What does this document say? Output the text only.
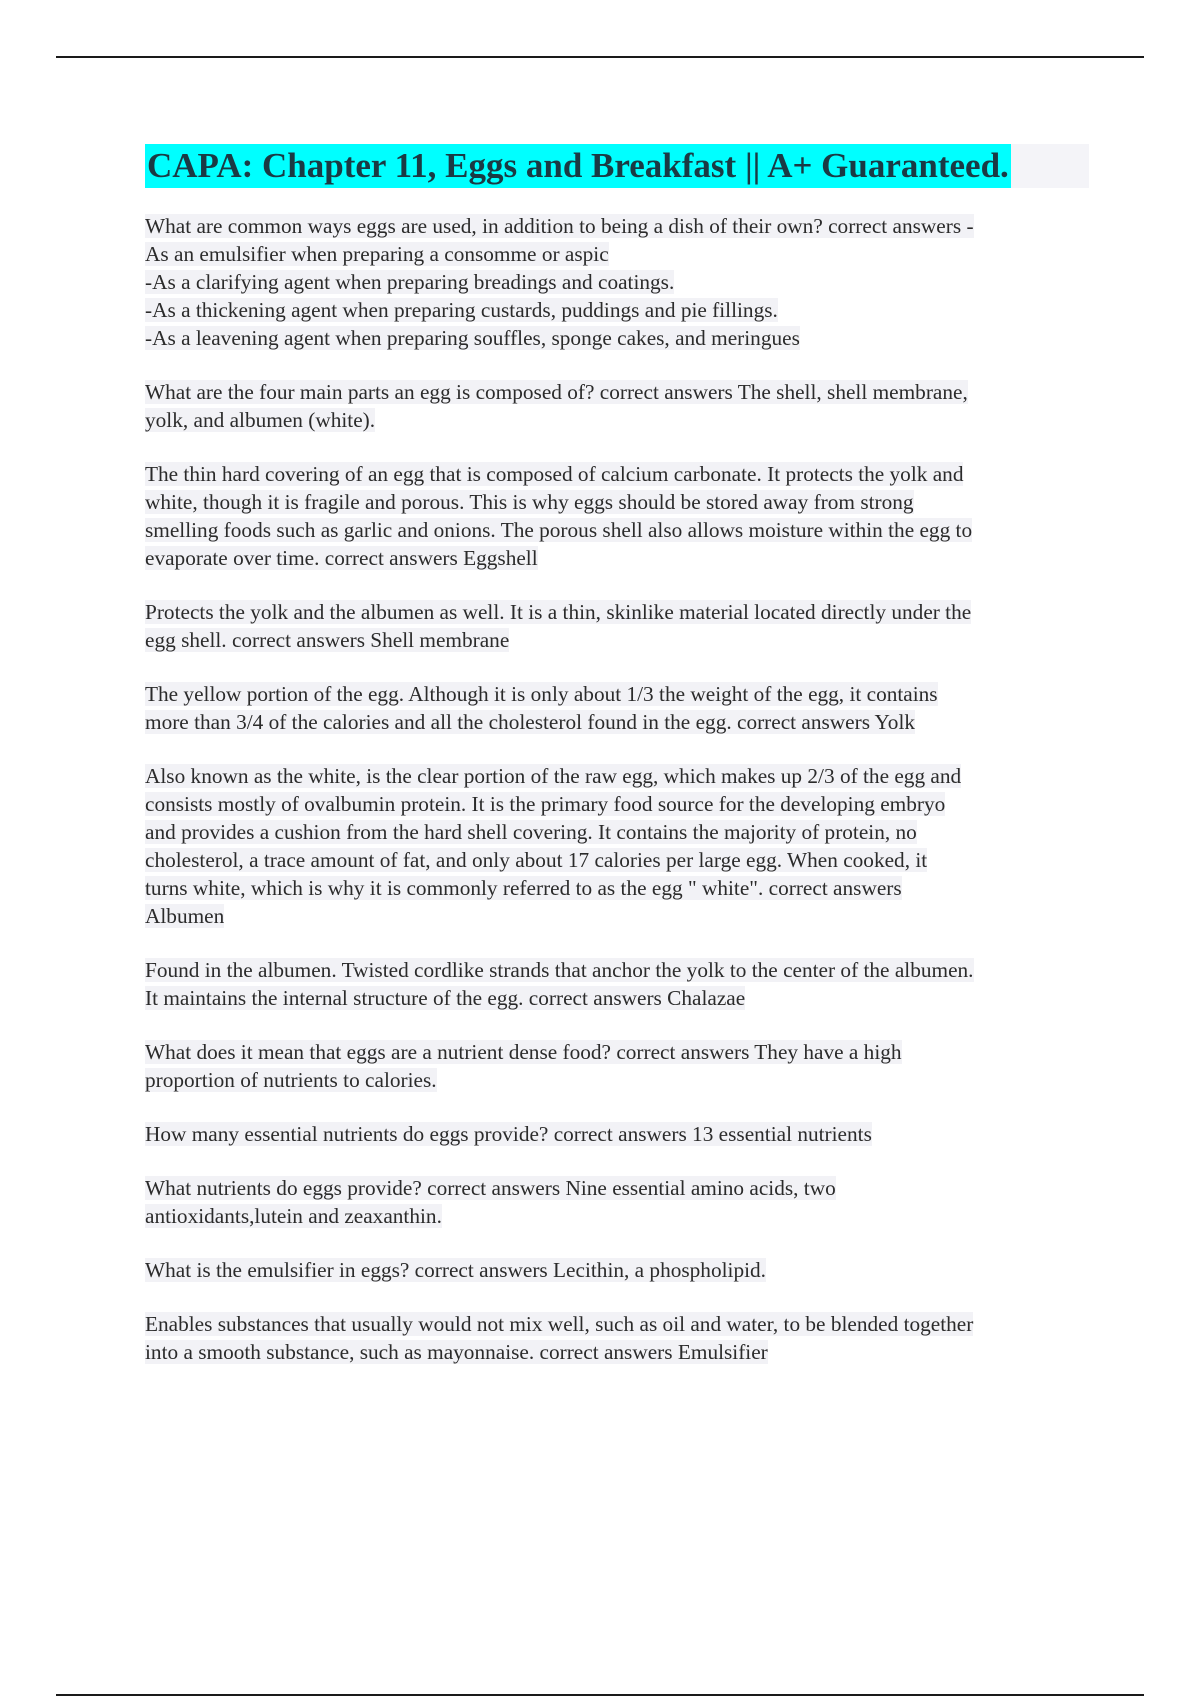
CAPA: Chapter 11, Eggs and Breakfast || A+ Guaranteed.
What are common ways eggs are used, in addition to being a dish of their own? correct answers -
As an emulsifier when preparing a consomme or aspic
-As a clarifying agent when preparing breadings and coatings.
-As a thickening agent when preparing custards, puddings and pie fillings.
-As a leavening agent when preparing souffles, sponge cakes, and meringues
What are the four main parts an egg is composed of? correct answers The shell, shell membrane,
yolk, and albumen (white).
The thin hard covering of an egg that is composed of calcium carbonate. It protects the yolk and
white, though it is fragile and porous. This is why eggs should be stored away from strong
smelling foods such as garlic and onions. The porous shell also allows moisture within the egg to
evaporate over time. correct answers Eggshell
Protects the yolk and the albumen as well. It is a thin, skinlike material located directly under the
egg shell. correct answers Shell membrane
The yellow portion of the egg. Although it is only about 1/3 the weight of the egg, it contains
more than 3/4 of the calories and all the cholesterol found in the egg. correct answers Yolk
Also known as the white, is the clear portion of the raw egg, which makes up 2/3 of the egg and
consists mostly of ovalbumin protein. It is the primary food source for the developing embryo
and provides a cushion from the hard shell covering. It contains the majority of protein, no
cholesterol, a trace amount of fat, and only about 17 calories per large egg. When cooked, it
turns white, which is why it is commonly referred to as the egg " white". correct answers
Albumen
Found in the albumen. Twisted cordlike strands that anchor the yolk to the center of the albumen.
It maintains the internal structure of the egg. correct answers Chalazae
What does it mean that eggs are a nutrient dense food? correct answers They have a high
proportion of nutrients to calories.
How many essential nutrients do eggs provide? correct answers 13 essential nutrients
What nutrients do eggs provide? correct answers Nine essential amino acids, two
antioxidants,lutein and zeaxanthin.
What is the emulsifier in eggs? correct answers Lecithin, a phospholipid.
Enables substances that usually would not mix well, such as oil and water, to be blended together
into a smooth substance, such as mayonnaise. correct answers Emulsifier
